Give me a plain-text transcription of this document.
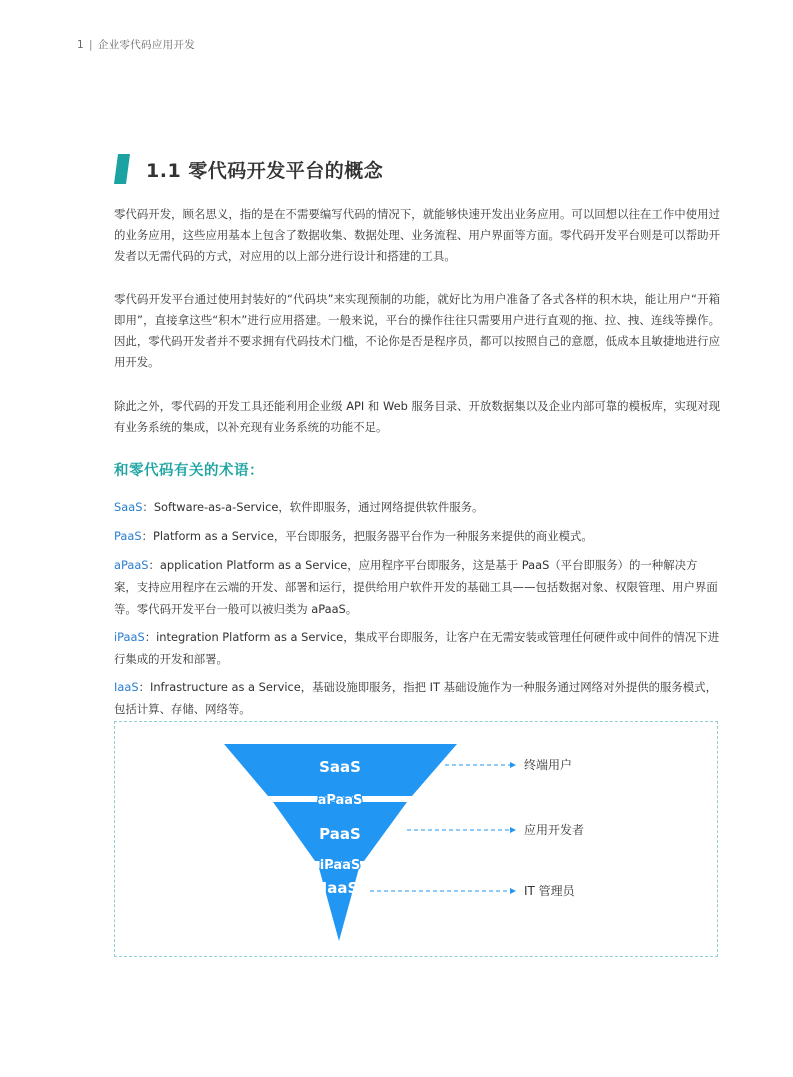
1 | 企业零代码应用开发
1.1 零代码开发平台的概念

零代码开发，顾名思义，指的是在不需要编写代码的情况下，就能够快速开发出业务应用。可以回想以往在工作中使用过的业务应用，这些应用基本上包含了数据收集、数据处理、业务流程、用户界面等方面。零代码开发平台则是可以帮助开发者以无需代码的方式，对应用的以上部分进行设计和搭建的工具。

零代码开发平台通过使用封装好的“代码块”来实现预制的功能，就好比为用户准备了各式各样的积木块，能让用户“开箱即用”，直接拿这些“积木”进行应用搭建。一般来说，平台的操作往往只需要用户进行直观的拖、拉、拽、连线等操作。因此，零代码开发者并不要求拥有代码技术门槛，不论你是否是程序员，都可以按照自己的意愿，低成本且敏捷地进行应用开发。

除此之外，零代码的开发工具还能利用企业级 API 和 Web 服务目录、开放数据集以及企业内部可靠的模板库，实现对现有业务系统的集成，以补充现有业务系统的功能不足。

和零代码有关的术语：

SaaS：Software-as-a-Service，软件即服务，通过网络提供软件服务。

PaaS：Platform as a Service，平台即服务，把服务器平台作为一种服务来提供的商业模式。

aPaaS：application Platform as a Service，应用程序平台即服务，这是基于 PaaS（平台即服务）的一种解决方案，支持应用程序在云端的开发、部署和运行，提供给用户软件开发的基础工具——包括数据对象、权限管理、用户界面等。零代码开发平台一般可以被归类为 aPaaS。

iPaaS：integration Platform as a Service，集成平台即服务，让客户在无需安装或管理任何硬件或中间件的情况下进行集成的开发和部署。

IaaS：Infrastructure as a Service，基础设施即服务，指把 IT 基础设施作为一种服务通过网络对外提供的服务模式，包括计算、存储、网络等。

SaaS
aPaaS
PaaS
iPaaS
IaaS
终端用户
应用开发者
IT 管理员
